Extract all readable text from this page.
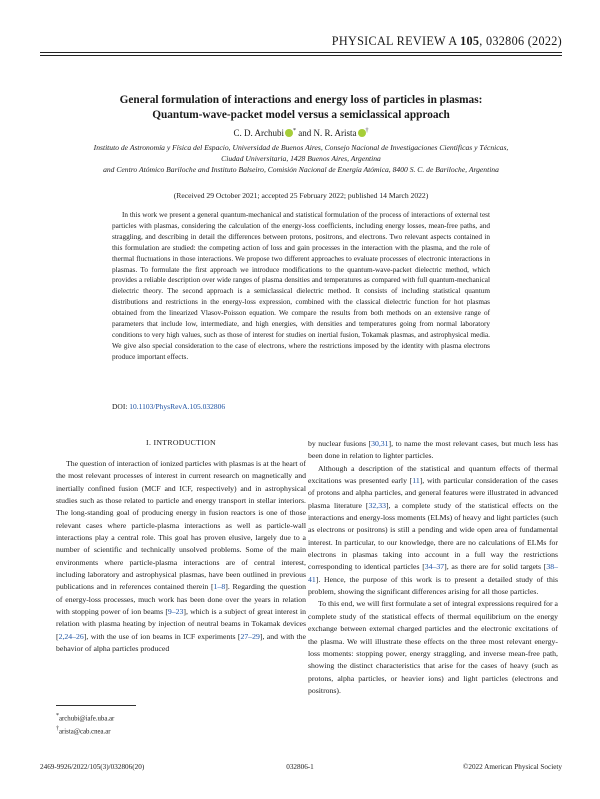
PHYSICAL REVIEW A 105, 032806 (2022)
General formulation of interactions and energy loss of particles in plasmas:
Quantum-wave-packet model versus a semiclassical approach
C. D. Archubi * and N. R. Arista †
Instituto de Astronomía y Física del Espacio, Universidad de Buenos Aires, Consejo Nacional de Investigaciones Científicas y Técnicas,
Ciudad Universitaria, 1428 Buenos Aires, Argentina
and Centro Atómico Bariloche and Instituto Balseiro, Comisión Nacional de Energía Atómica, 8400 S. C. de Bariloche, Argentina
(Received 29 October 2021; accepted 25 February 2022; published 14 March 2022)
In this work we present a general quantum-mechanical and statistical formulation of the process of interactions of external test particles with plasmas, considering the calculation of the energy-loss coefficients, including energy losses, mean-free paths, and straggling, and describing in detail the differences between protons, positrons, and electrons. Two relevant aspects contained in this formulation are studied: the competing action of loss and gain processes in the interaction with the plasma, and the role of thermal fluctuations in those interactions. We propose two different approaches to evaluate processes of electronic interactions in plasmas. To formulate the first approach we introduce modifications to the quantum-wave-packet dielectric method, which provides a reliable description over wide ranges of plasma densities and temperatures as compared with full quantum-mechanical dielectric theory. The second approach is a semiclassical dielectric method. It consists of including statistical quantum distributions and restrictions in the energy-loss expression, combined with the classical dielectric function for hot plasmas obtained from the linearized Vlasov-Poisson equation. We compare the results from both methods on an extensive range of parameters that include low, intermediate, and high energies, with densities and temperatures going from normal laboratory conditions to very high values, such as those of interest for studies on inertial fusion, Tokamak plasmas, and astrophysical media. We give also special consideration to the case of electrons, where the restrictions imposed by the identity with plasma electrons produce important effects.
DOI: 10.1103/PhysRevA.105.032806
I. INTRODUCTION

The question of interaction of ionized particles with plasmas is at the heart of the most relevant processes of interest in current research on magnetically and inertially confined fusion (MCF and ICF, respectively) and in astrophysical studies such as those related to particle and energy transport in stellar interiors. The long-standing goal of producing energy in fusion reactors is one of those relevant cases where particle-plasma interactions as well as particle-wall interactions play a central role. This goal has proven elusive, largely due to a number of scientific and technically unsolved problems. Some of the main environments where particle-plasma interactions are of central interest, including laboratory and astrophysical plasmas, have been outlined in previous publications and in references contained therein [1–8]. Regarding the question of energy-loss processes, much work has been done over the years in relation with stopping power of ion beams [9–23], which is a subject of great interest in relation with plasma heating by injection of neutral beams in Tokamak devices [2,24–26], with the use of ion beams in ICF experiments [27–29], and with the behavior of alpha particles produced

*archubi@iafe.uba.ar
†arista@cab.cnea.ar

by nuclear fusions [30,31], to name the most relevant cases, but much less has been done in relation to lighter particles.

Although a description of the statistical and quantum effects of thermal excitations was presented early [11], with particular consideration of the cases of protons and alpha particles, and general features were illustrated in advanced plasma literature [32,33], a complete study of the statistical effects on the interactions and energy-loss moments (ELMs) of heavy and light particles (such as electrons or positrons) is still a pending and wide open area of fundamental interest. In particular, to our knowledge, there are no calculations of ELMs for electrons in plasmas taking into account in a full way the restrictions corresponding to identical particles [34–37], as there are for solid targets [38–41]. Hence, the purpose of this work is to present a detailed study of this problem, showing the significant differences arising for all those particles.

To this end, we will first formulate a set of integral expressions required for a complete study of the statistical effects of thermal equilibrium on the energy exchange between external charged particles and the electronic excitations of the plasma. We will illustrate these effects on the three most relevant energy-loss moments: stopping power, energy straggling, and inverse mean-free path, showing the distinct characteristics that arise for the cases of heavy (such as protons, alpha particles, or heavier ions) and light particles (electrons and positrons).

2469-9926/2022/105(3)/032806(20)	032806-1	©2022 American Physical Society
